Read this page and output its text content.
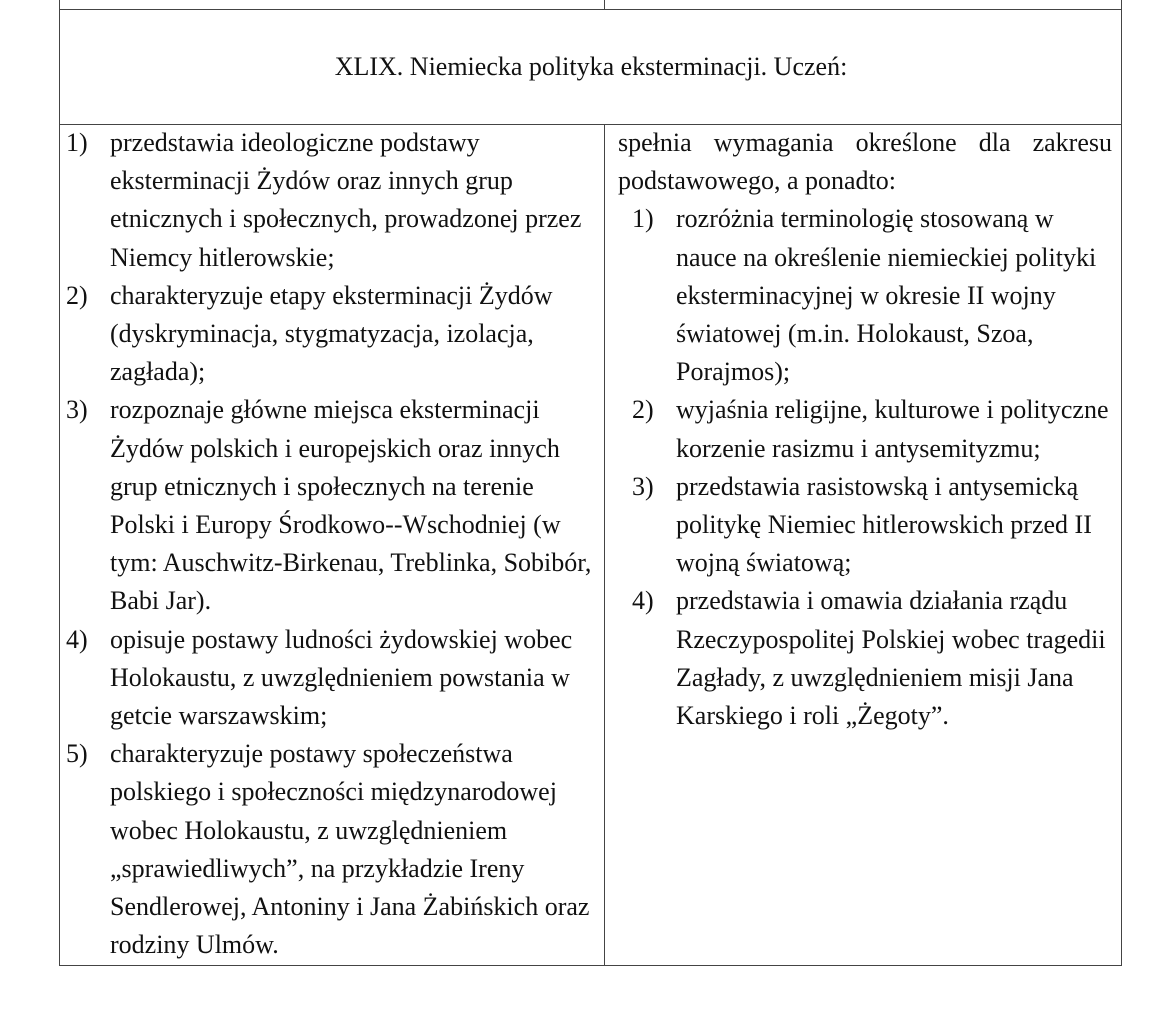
XLIX. Niemiecka polityka eksterminacji. Uczeń:
1) przedstawia ideologiczne podstawy eksterminacji Żydów oraz innych grup etnicznych i społecznych, prowadzonej przez Niemcy hitlerowskie;
2) charakteryzuje etapy eksterminacji Żydów (dyskryminacja, stygmatyzacja, izolacja, zagłada);
3) rozpoznaje główne miejsca eksterminacji Żydów polskich i europejskich oraz innych grup etnicznych i społecznych na terenie Polski i Europy Środkowo-‑Wschodniej (w tym: Auschwitz-Birkenau, Treblinka, Sobibór, Babi Jar).
4) opisuje postawy ludności żydowskiej wobec Holokaustu, z uwzględnieniem powstania w getcie warszawskim;
5) charakteryzuje postawy społeczeństwa polskiego i społeczności międzynarodowej wobec Holokaustu, z uwzględnieniem „sprawiedliwych”, na przykładzie Ireny Sendlerowej, Antoniny i Jana Żabińskich oraz rodziny Ulmów.
spełnia wymagania określone dla zakresu podstawowego, a ponadto:
1) rozróżnia terminologię stosowaną w nauce na określenie niemieckiej polityki eksterminacyjnej w okresie II wojny światowej (m.in. Holokaust, Szoa, Porajmos);
2) wyjaśnia religijne, kulturowe i polityczne korzenie rasizmu i antysemityzmu;
3) przedstawia rasistowską i antysemicką politykę Niemiec hitlerowskich przed II wojną światową;
4) przedstawia i omawia działania rządu Rzeczypospolitej Polskiej wobec tragedii Zagłady, z uwzględnieniem misji Jana Karskiego i roli „Żegoty”.
